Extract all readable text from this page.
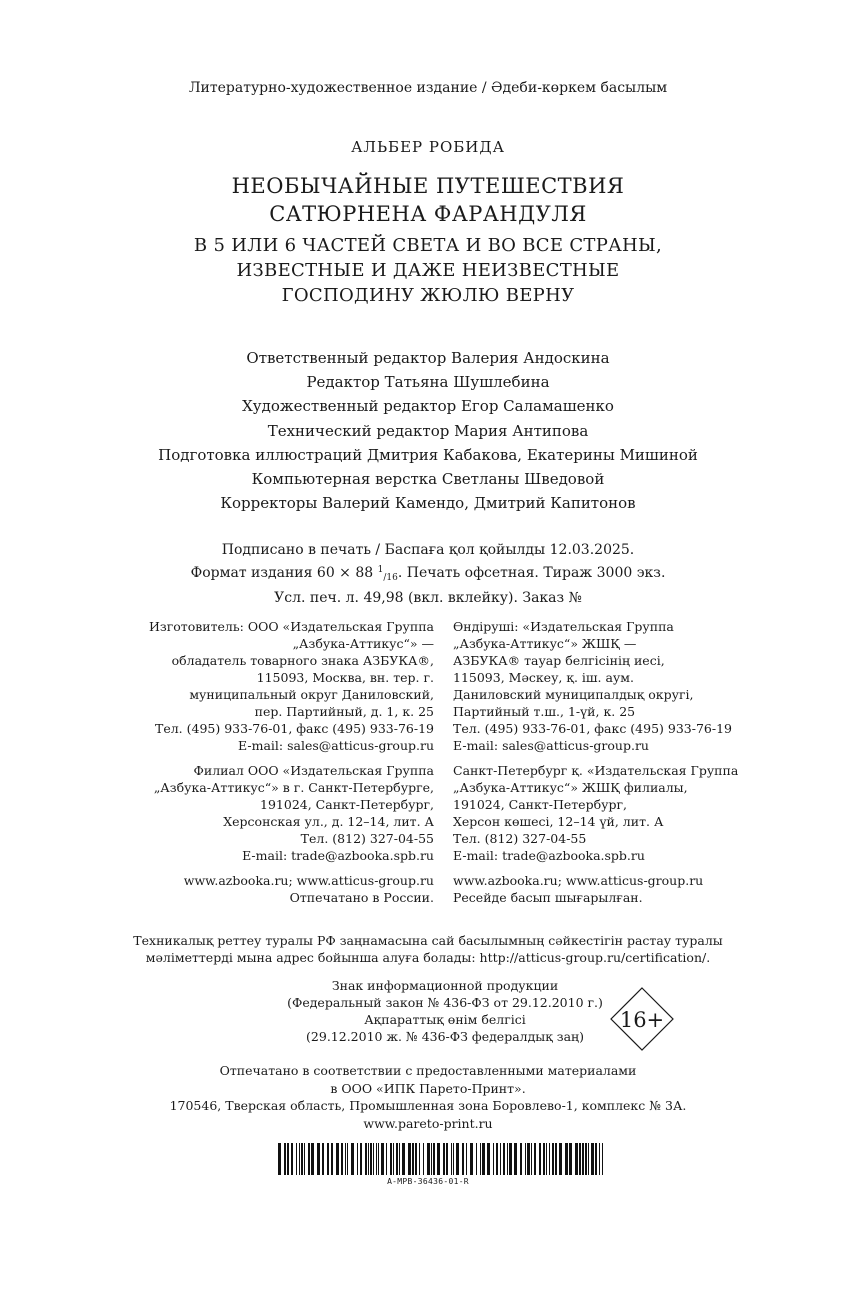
Литературно-художественное издание / Әдеби-көркем басылым
АЛЬБЕР РОБИДА
НЕОБЫЧАЙНЫЕ ПУТЕШЕСТВИЯ
САТЮРНЕНА ФАРАНДУЛЯ
В 5 ИЛИ 6 ЧАСТЕЙ СВЕТА И ВО ВСЕ СТРАНЫ,
ИЗВЕСТНЫЕ И ДАЖЕ НЕИЗВЕСТНЫЕ
ГОСПОДИНУ ЖЮЛЮ ВЕРНУ
Ответственный редактор Валерия Андоскина
Редактор Татьяна Шушлебина
Художественный редактор Егор Саламашенко
Технический редактор Мария Антипова
Подготовка иллюстраций Дмитрия Кабакова, Екатерины Мишиной
Компьютерная верстка Светланы Шведовой
Корректоры Валерий Камендо, Дмитрий Капитонов
Подписано в печать / Баспаға қол қойылды 12.03.2025.
Формат издания 60 × 88 $^1_{/16}$. Печать офсетная. Тираж 3000 экз.
Усл. печ. л. 49,98 (вкл. вклейку). Заказ №
Изготовитель: ООО «Издательская Группа
„Азбука-Аттикус“» —
обладатель товарного знака АЗБУКА®,
115093, Москва, вн. тер. г.
муниципальный округ Даниловский,
пер. Партийный, д. 1, к. 25
Тел. (495) 933-76-01, факс (495) 933-76-19
E-mail: sales@atticus-group.ru
Филиал ООО «Издательская Группа
„Азбука-Аттикус“» в г. Санкт-Петербурге,
191024, Санкт-Петербург,
Херсонская ул., д. 12–14, лит. А
Тел. (812) 327-04-55
E-mail: trade@azbooka.spb.ru
www.azbooka.ru; www.atticus-group.ru
Отпечатано в России.
Өндіруші: «Издательская Группа
„Азбука-Аттикус“» ЖШҚ —
АЗБУКА® тауар белгісінің иесі,
115093, Мәскеу, қ. іш. аум.
Даниловский муниципалдық округі,
Партийный т.ш., 1-үй, к. 25
Тел. (495) 933-76-01, факс (495) 933-76-19
E-mail: sales@atticus-group.ru
Санкт-Петербург қ. «Издательская Группа
„Азбука-Аттикус“» ЖШҚ филиалы,
191024, Санкт-Петербург,
Херсон көшесі, 12–14 үй, лит. А
Тел. (812) 327-04-55
E-mail: trade@azbooka.spb.ru
www.azbooka.ru; www.atticus-group.ru
Ресейде басып шығарылған.
Техникалық реттеу туралы РФ заңнамасына сай басылымның сәйкестігін растау туралы
мәліметтерді мына адрес бойынша алуға болады: http://atticus-group.ru/certification/.
Знак информационной продукции
(Федеральный закон № 436-ФЗ от 29.12.2010 г.)
Ақпараттық өнім белгісі
(29.12.2010 ж. № 436-ФЗ федералдық заң)
16+
Отпечатано в соответствии с предоставленными материалами
в ООО «ИПК Парето-Принт».
170546, Тверская область, Промышленная зона Боровлево-1, комплекс № 3А.
www.pareto-print.ru
A-MPB-36436-01-R
